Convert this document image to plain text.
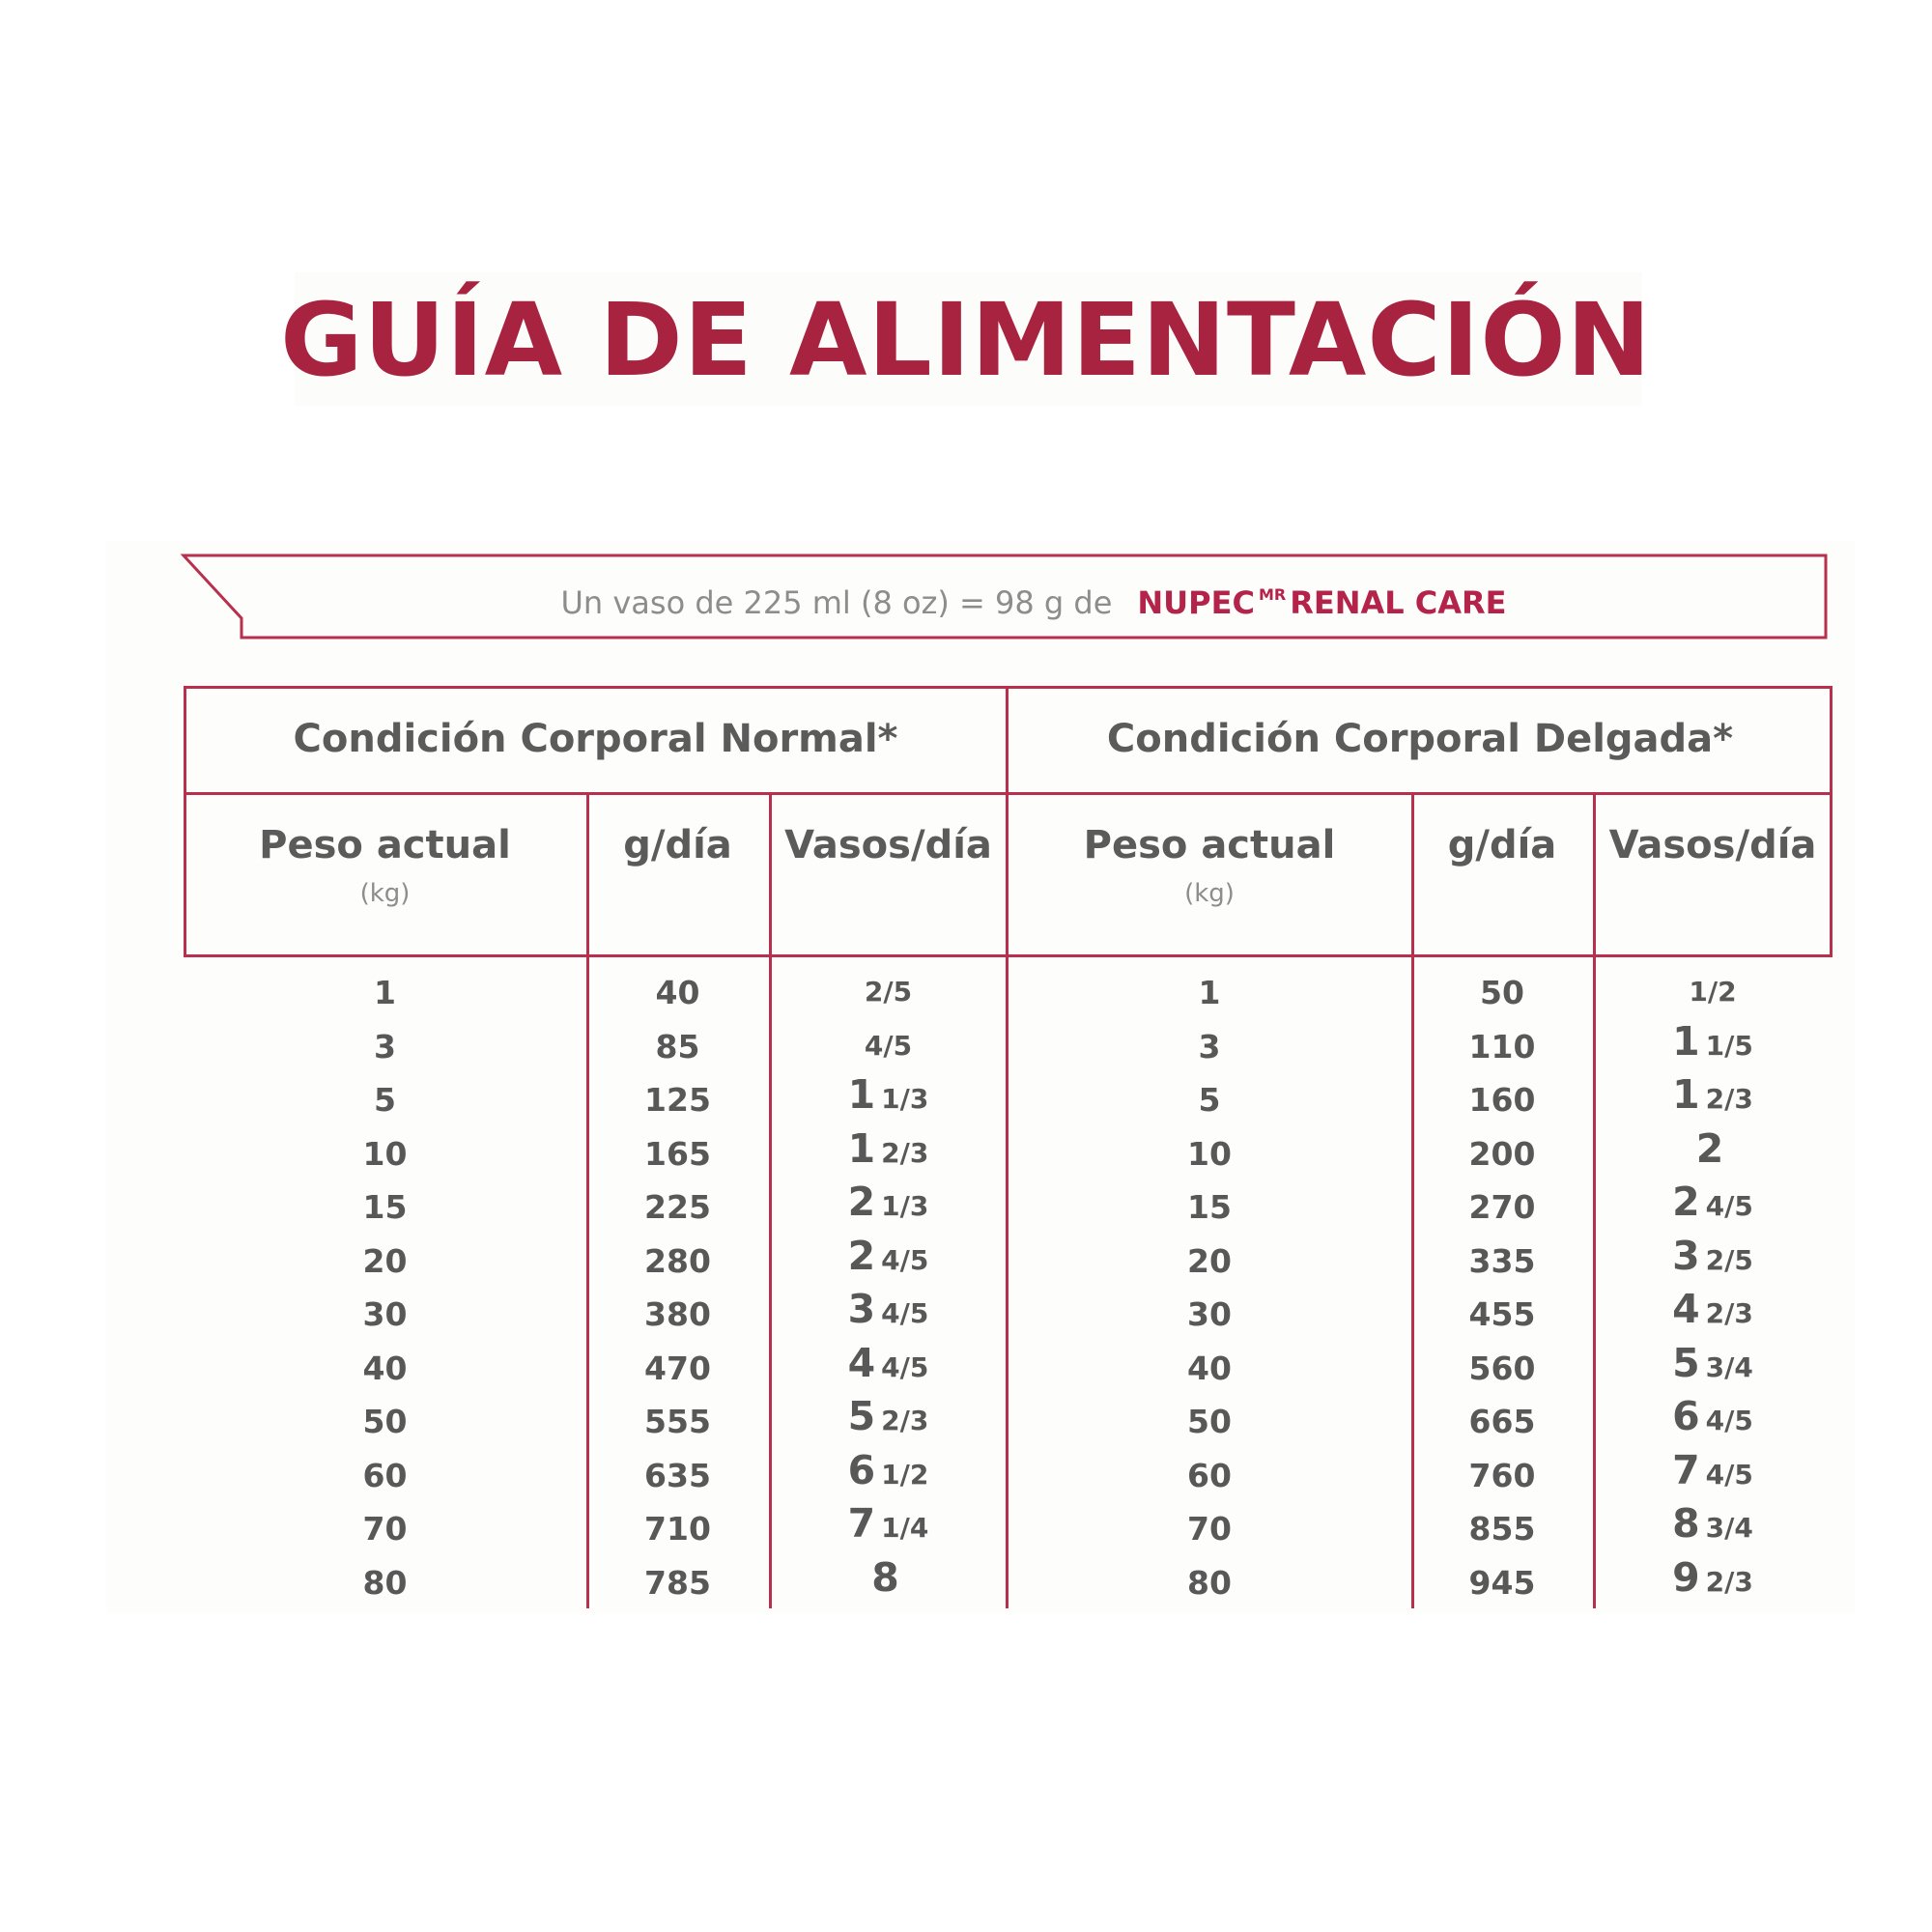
GUÍA DE ALIMENTACIÓN
Un vaso de 225 ml (8 oz) = 98 g de NUPEC $^{MR}$ RENAL CARE
Condición Corporal Normal*
Peso actual
(kg)
g/día	Vasos/día
1	40	2/5
3	85	4/5
5	125	1 1/3
10	165	1 2/3
15	225	2 1/3
20	280	2 4/5
30	380	3 4/5
40	470	4 4/5
50	555	5 2/3
60	635	6 1/2
70	710	7 1/4
80	785	8
Condición Corporal Delgada*
Peso actual
(kg)
g/día	Vasos/día
1	50	1/2
3	110	1 1/5
5	160	1 2/3
10	200	2
15	270	2 4/5
20	335	3 2/5
30	455	4 2/3
40	560	5 3/4
50	665	6 4/5
60	760	7 4/5
70	855	8 3/4
80	945	9 2/3
